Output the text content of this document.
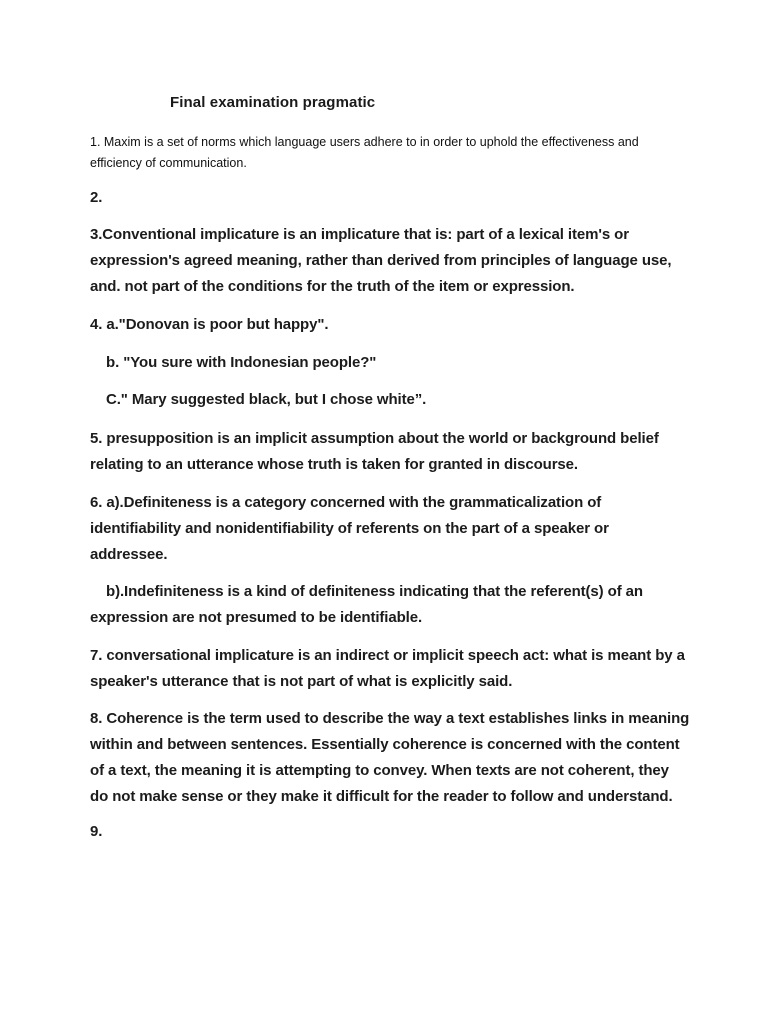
Final examination pragmatic
1. Maxim is a set of norms which language users adhere to in order to uphold the effectiveness and efficiency of communication.
2.
3.Conventional implicature is an implicature that is: part of a lexical item's or expression's agreed meaning, rather than derived from principles of language use, and. not part of the conditions for the truth of the item or expression.
4. a."Donovan is poor but happy".
b. "You sure with Indonesian people?"
C." Mary suggested black, but I chose white”.
5. presupposition is an implicit assumption about the world or background belief relating to an utterance whose truth is taken for granted in discourse.
6. a).Definiteness is a category concerned with the grammaticalization of identifiability and nonidentifiability of referents on the part of a speaker or addressee.
b).Indefiniteness is a kind of definiteness indicating that the referent(s) of an expression are not presumed to be identifiable.
7. conversational implicature is an indirect or implicit speech act: what is meant by a speaker's utterance that is not part of what is explicitly said.
8. Coherence is the term used to describe the way a text establishes links in meaning within and between sentences. Essentially coherence is concerned with the content of a text, the meaning it is attempting to convey. When texts are not coherent, they do not make sense or they make it difficult for the reader to follow and understand.
9.
